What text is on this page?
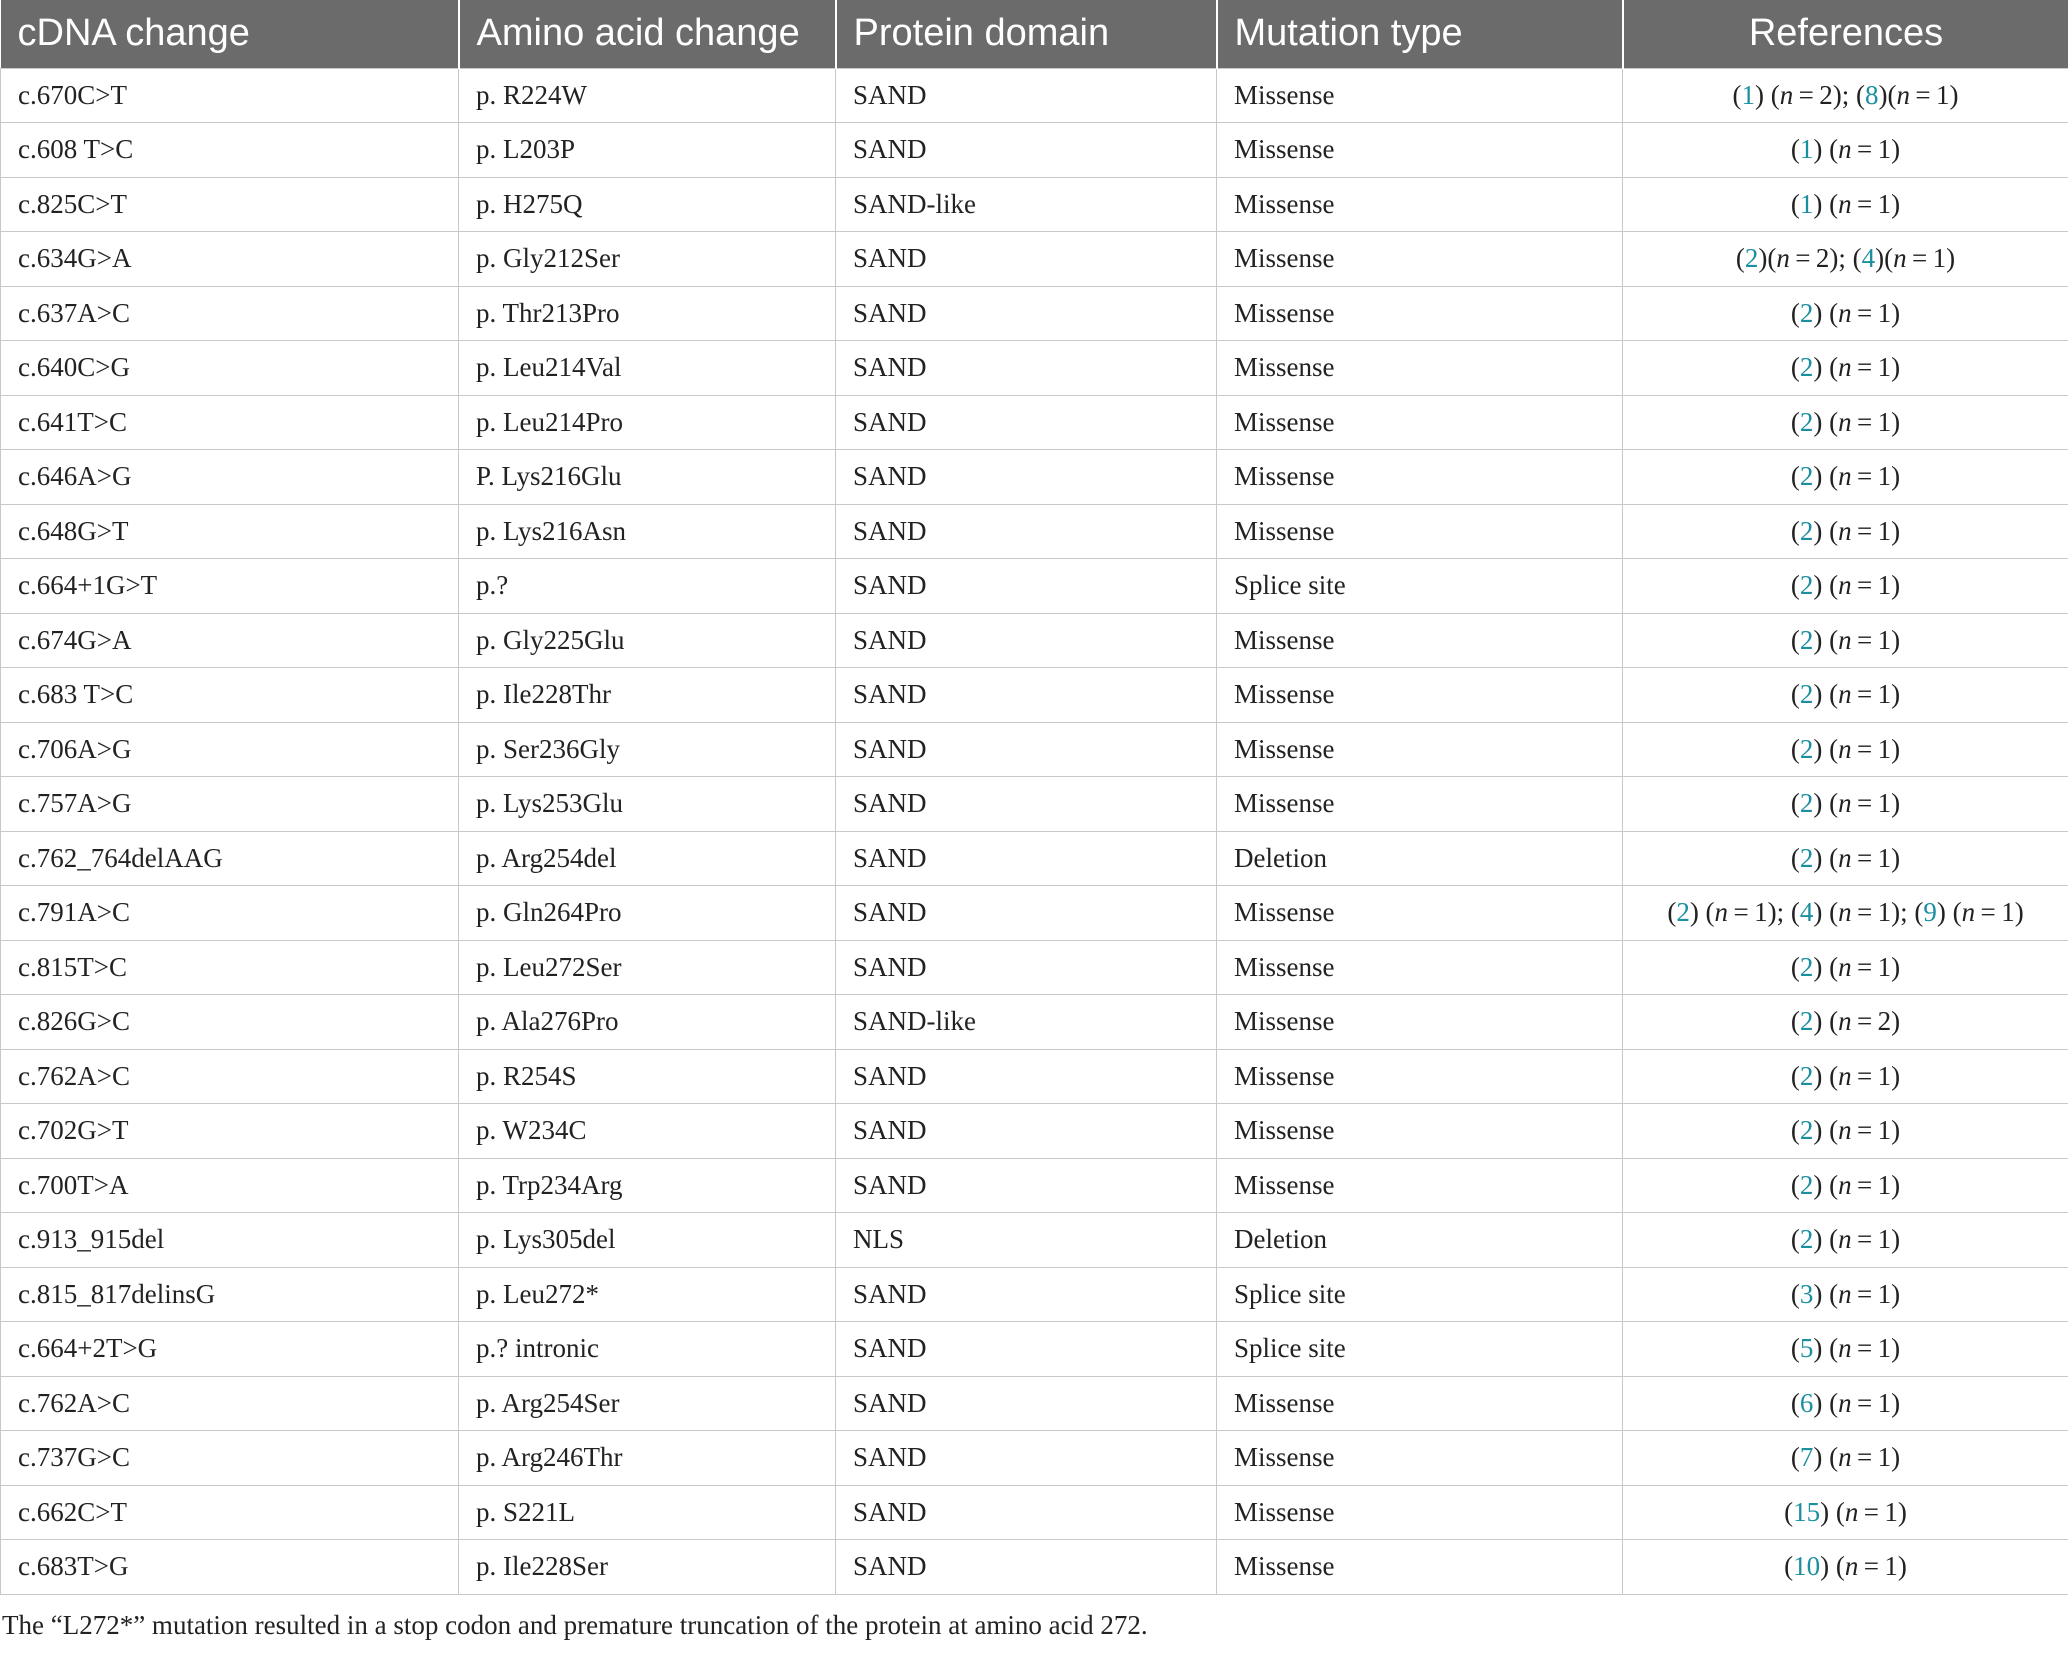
cDNA change	Amino acid change	Protein domain	Mutation type	References
c.670C>T	p. R224W	SAND	Missense	(1) (n = 2); (8)(n = 1)
c.608 T>C	p. L203P	SAND	Missense	(1) (n = 1)
c.825C>T	p. H275Q	SAND-like	Missense	(1) (n = 1)
c.634G>A	p. Gly212Ser	SAND	Missense	(2)(n = 2); (4)(n = 1)
c.637A>C	p. Thr213Pro	SAND	Missense	(2) (n = 1)
c.640C>G	p. Leu214Val	SAND	Missense	(2) (n = 1)
c.641T>C	p. Leu214Pro	SAND	Missense	(2) (n = 1)
c.646A>G	P. Lys216Glu	SAND	Missense	(2) (n = 1)
c.648G>T	p. Lys216Asn	SAND	Missense	(2) (n = 1)
c.664+1G>T	p.?	SAND	Splice site	(2) (n = 1)
c.674G>A	p. Gly225Glu	SAND	Missense	(2) (n = 1)
c.683 T>C	p. Ile228Thr	SAND	Missense	(2) (n = 1)
c.706A>G	p. Ser236Gly	SAND	Missense	(2) (n = 1)
c.757A>G	p. Lys253Glu	SAND	Missense	(2) (n = 1)
c.762_764delAAG	p. Arg254del	SAND	Deletion	(2) (n = 1)
c.791A>C	p. Gln264Pro	SAND	Missense	(2) (n = 1); (4) (n = 1); (9) (n = 1)
c.815T>C	p. Leu272Ser	SAND	Missense	(2) (n = 1)
c.826G>C	p. Ala276Pro	SAND-like	Missense	(2) (n = 2)
c.762A>C	p. R254S	SAND	Missense	(2) (n = 1)
c.702G>T	p. W234C	SAND	Missense	(2) (n = 1)
c.700T>A	p. Trp234Arg	SAND	Missense	(2) (n = 1)
c.913_915del	p. Lys305del	NLS	Deletion	(2) (n = 1)
c.815_817delinsG	p. Leu272*	SAND	Splice site	(3) (n = 1)
c.664+2T>G	p.? intronic	SAND	Splice site	(5) (n = 1)
c.762A>C	p. Arg254Ser	SAND	Missense	(6) (n = 1)
c.737G>C	p. Arg246Thr	SAND	Missense	(7) (n = 1)
c.662C>T	p. S221L	SAND	Missense	(15) (n = 1)
c.683T>G	p. Ile228Ser	SAND	Missense	(10) (n = 1)
The “L272*” mutation resulted in a stop codon and premature truncation of the protein at amino acid 272.
